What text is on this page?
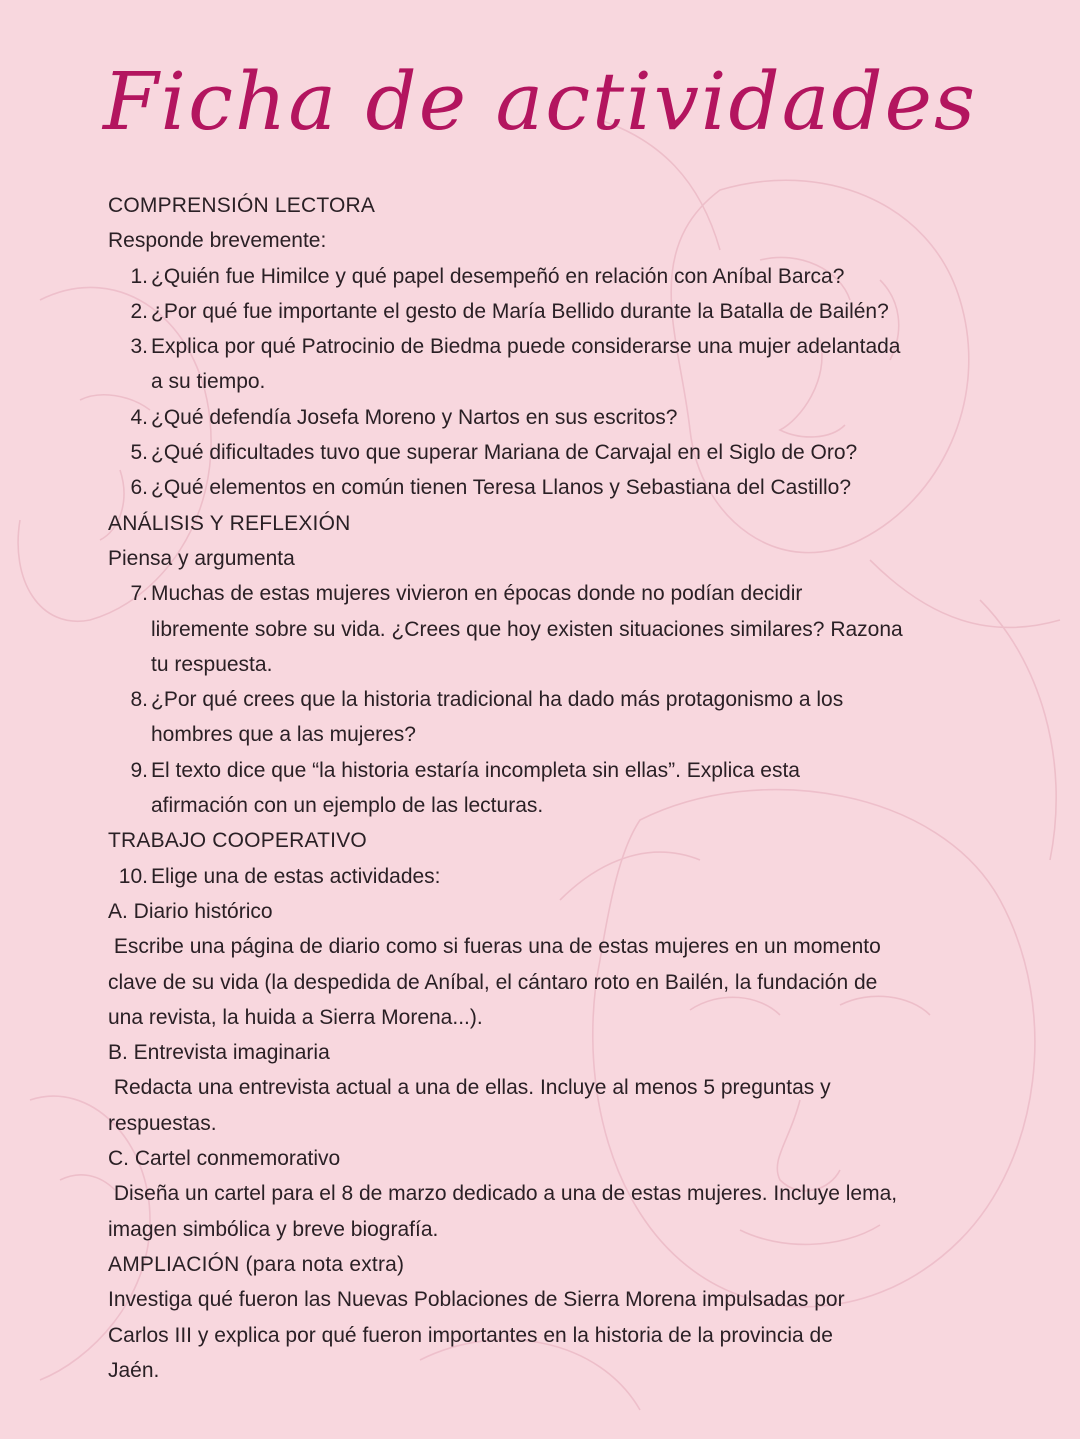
Ficha de actividades
COMPRENSIÓN LECTORA
Responde brevemente:
1. ¿Quién fue Himilce y qué papel desempeñó en relación con Aníbal Barca?
2. ¿Por qué fue importante el gesto de María Bellido durante la Batalla de Bailén?
3. Explica por qué Patrocinio de Biedma puede considerarse una mujer adelantada
a su tiempo.
4. ¿Qué defendía Josefa Moreno y Nartos en sus escritos?
5. ¿Qué dificultades tuvo que superar Mariana de Carvajal en el Siglo de Oro?
6. ¿Qué elementos en común tienen Teresa Llanos y Sebastiana del Castillo?
ANÁLISIS Y REFLEXIÓN
Piensa y argumenta
7. Muchas de estas mujeres vivieron en épocas donde no podían decidir
libremente sobre su vida. ¿Crees que hoy existen situaciones similares? Razona
tu respuesta.
8. ¿Por qué crees que la historia tradicional ha dado más protagonismo a los
hombres que a las mujeres?
9. El texto dice que “la historia estaría incompleta sin ellas”. Explica esta
afirmación con un ejemplo de las lecturas.
TRABAJO COOPERATIVO
10. Elige una de estas actividades:
A. Diario histórico
Escribe una página de diario como si fueras una de estas mujeres en un momento
clave de su vida (la despedida de Aníbal, el cántaro roto en Bailén, la fundación de
una revista, la huida a Sierra Morena...).
B. Entrevista imaginaria
Redacta una entrevista actual a una de ellas. Incluye al menos 5 preguntas y
respuestas.
C. Cartel conmemorativo
Diseña un cartel para el 8 de marzo dedicado a una de estas mujeres. Incluye lema,
imagen simbólica y breve biografía.
AMPLIACIÓN (para nota extra)
Investiga qué fueron las Nuevas Poblaciones de Sierra Morena impulsadas por
Carlos III y explica por qué fueron importantes en la historia de la provincia de
Jaén.
